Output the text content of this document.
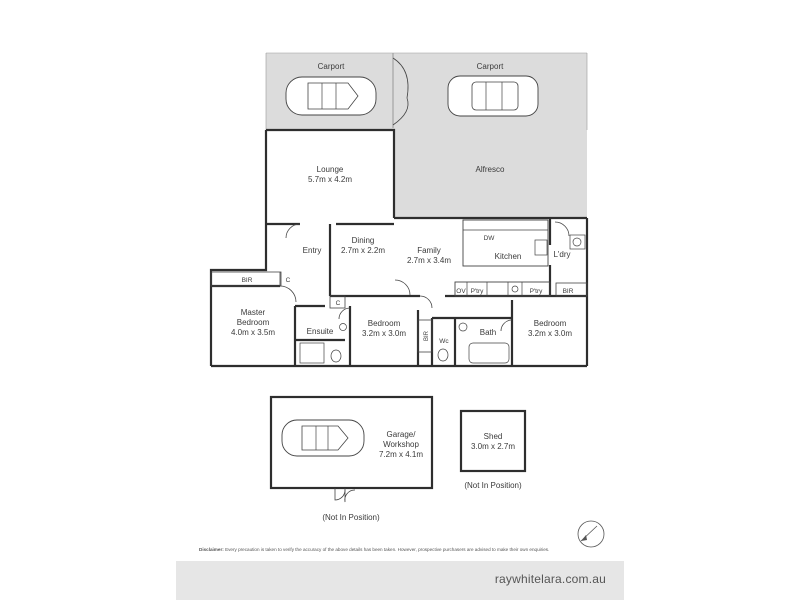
Carport	Carport
Lounge
5.7m x 4.2m
Alfresco
Entry
Dining
2.7m x 2.2m	Family
2.7m x 3.4m	Kitchen
DW
L'dry
BIR	C
C
Master
Bedroom
4.0m x 3.5m	Ensuite
Bedroom
3.2m x 3.0m	BIR
Wc
Bath
Bedroom
3.2m x 3.0m
BIR
OV P'try	P'try
Garage/
Workshop
7.2m x 4.1m
(Not In Position)
Shed
3.0m x 2.7m
(Not In Position)
Disclaimer: Every precaution is taken to verify the accuracy of the above details has been taken. However, prospective purchasers are advised to make their own enquiries.
raywhitelara.com.au
